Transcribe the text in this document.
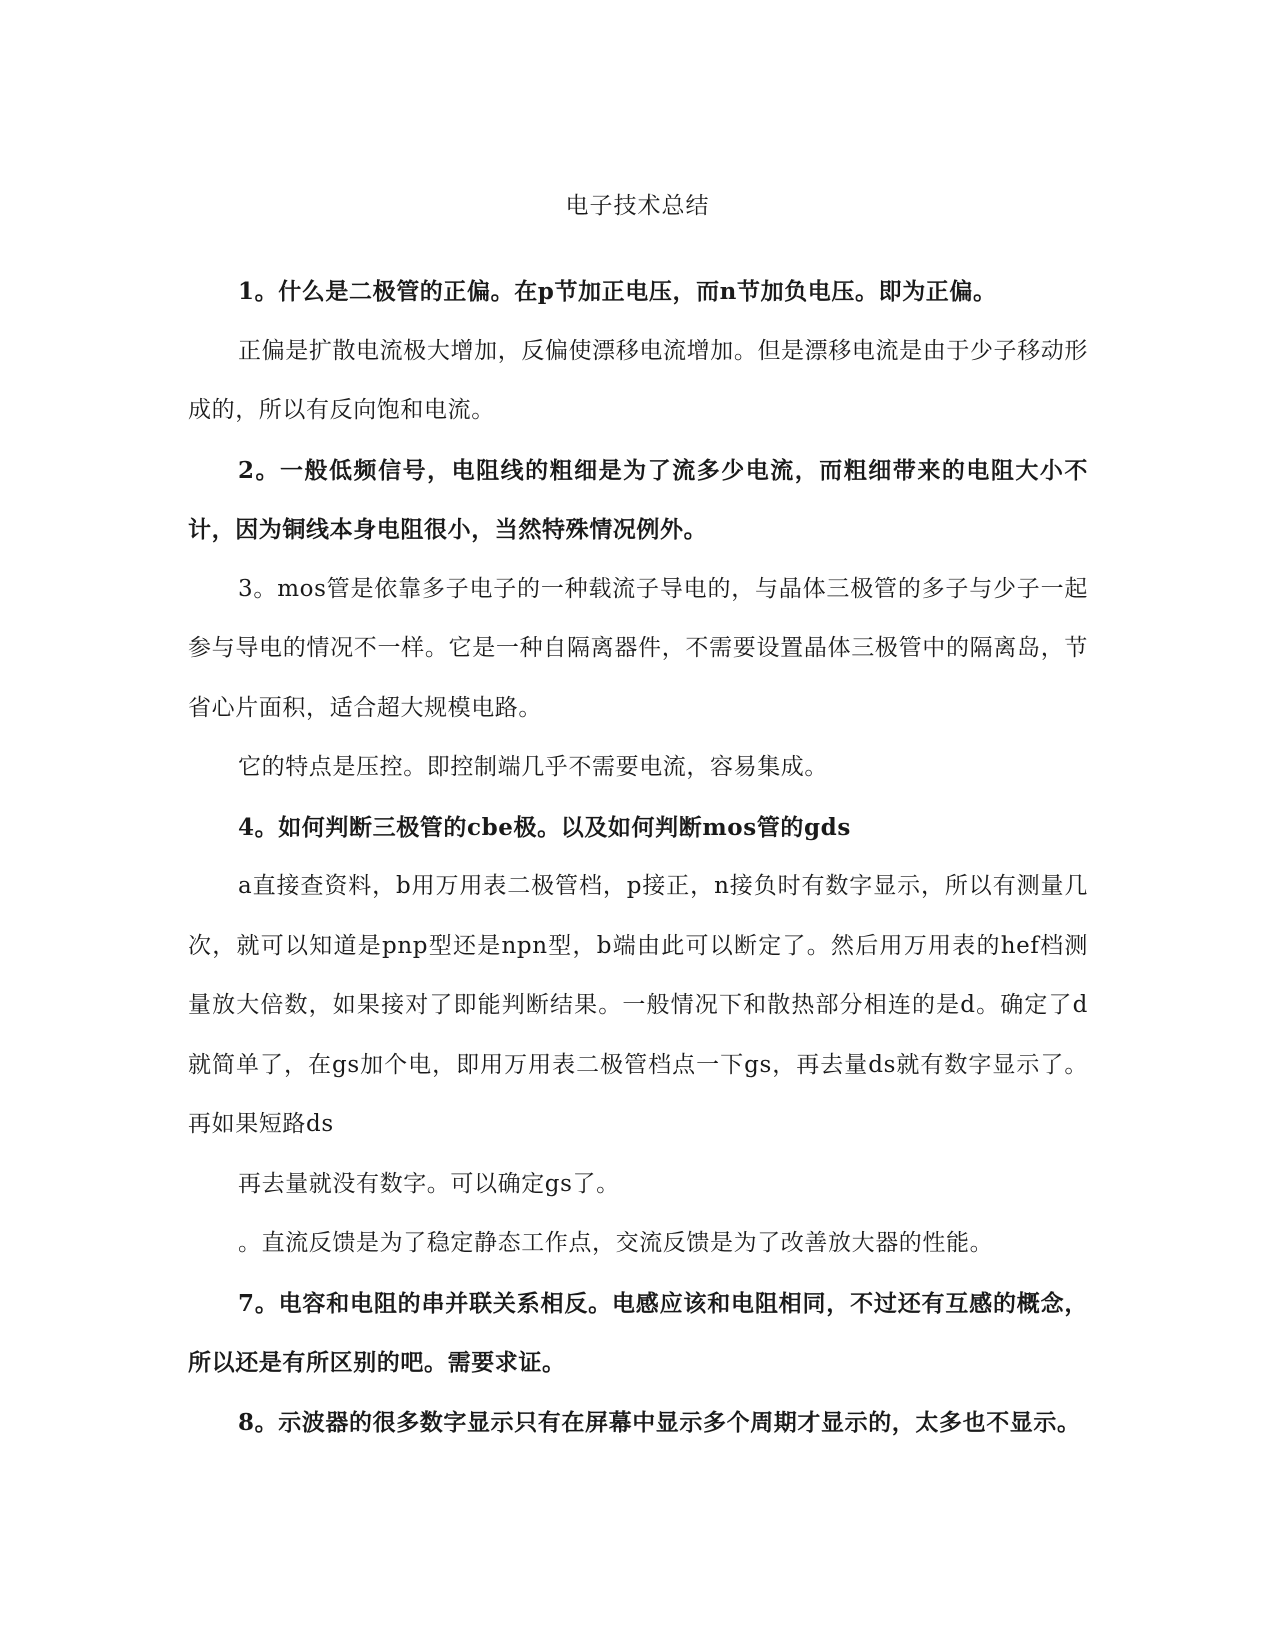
电子技术总结

1。什么是二极管的正偏。在p节加正电压，而n节加负电压。即为正偏。

正偏是扩散电流极大增加，反偏使漂移电流增加。但是漂移电流是由于少子移动形成的，所以有反向饱和电流。

2。一般低频信号，电阻线的粗细是为了流多少电流，而粗细带来的电阻大小不计，因为铜线本身电阻很小，当然特殊情况例外。

3。mos管是依靠多子电子的一种载流子导电的，与晶体三极管的多子与少子一起参与导电的情况不一样。它是一种自隔离器件，不需要设置晶体三极管中的隔离岛，节省心片面积，适合超大规模电路。

它的特点是压控。即控制端几乎不需要电流，容易集成。

4。如何判断三极管的cbe极。以及如何判断mos管的gds

a直接查资料，b用万用表二极管档，p接正，n接负时有数字显示，所以有测量几次，就可以知道是pnp型还是npn型，b端由此可以断定了。然后用万用表的hef档测量放大倍数，如果接对了即能判断结果。一般情况下和散热部分相连的是d。确定了d就简单了，在gs加个电，即用万用表二极管档点一下gs，再去量ds就有数字显示了。再如果短路ds

再去量就没有数字。可以确定gs了。

。直流反馈是为了稳定静态工作点，交流反馈是为了改善放大器的性能。

7。电容和电阻的串并联关系相反。电感应该和电阻相同，不过还有互感的概念，所以还是有所区别的吧。需要求证。

8。示波器的很多数字显示只有在屏幕中显示多个周期才显示的，太多也不显示。
